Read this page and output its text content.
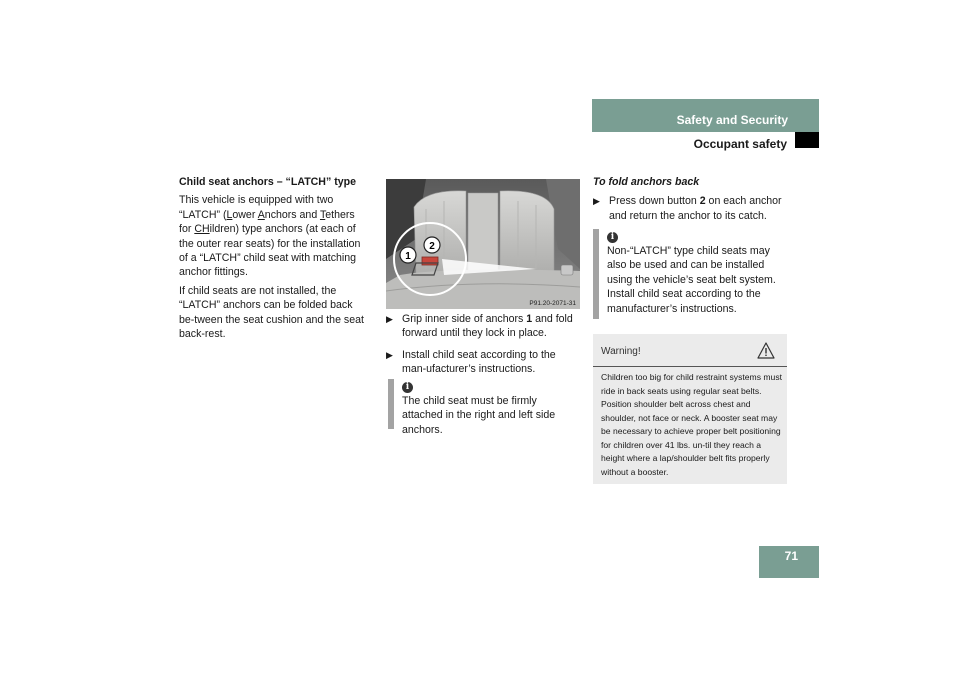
Safety and Security
Occupant safety

Child seat anchors – “LATCH” type

This vehicle is equipped with two “LATCH” (Lower Anchors and Tethers for CHildren) type anchors (at each of the outer rear seats) for the installation of a “LATCH” child seat with matching anchor fittings.

If child seats are not installed, the “LATCH” anchors can be folded back be-tween the seat cushion and the seat back-rest.

1
2
P91.20-2071-31
▶ Grip inner side of anchors 1 and fold forward until they lock in place.
▶ Install child seat according to the man-ufacturer’s instructions.
i
The child seat must be firmly attached in the right and left side anchors.
To fold anchors back
▶ Press down button 2 on each anchor and return the anchor to its catch.
i
Non-“LATCH” type child seats may also be used and can be installed using the vehicle’s seat belt system. Install child seat according to the manufacturer’s instructions.
Warning!
Children too big for child restraint systems must ride in back seats using regular seat belts. Position shoulder belt across chest and shoulder, not face or neck. A booster seat may be necessary to achieve proper belt positioning for children over 41 lbs. un-til they reach a height where a lap/shoulder belt fits properly without a booster.
71
